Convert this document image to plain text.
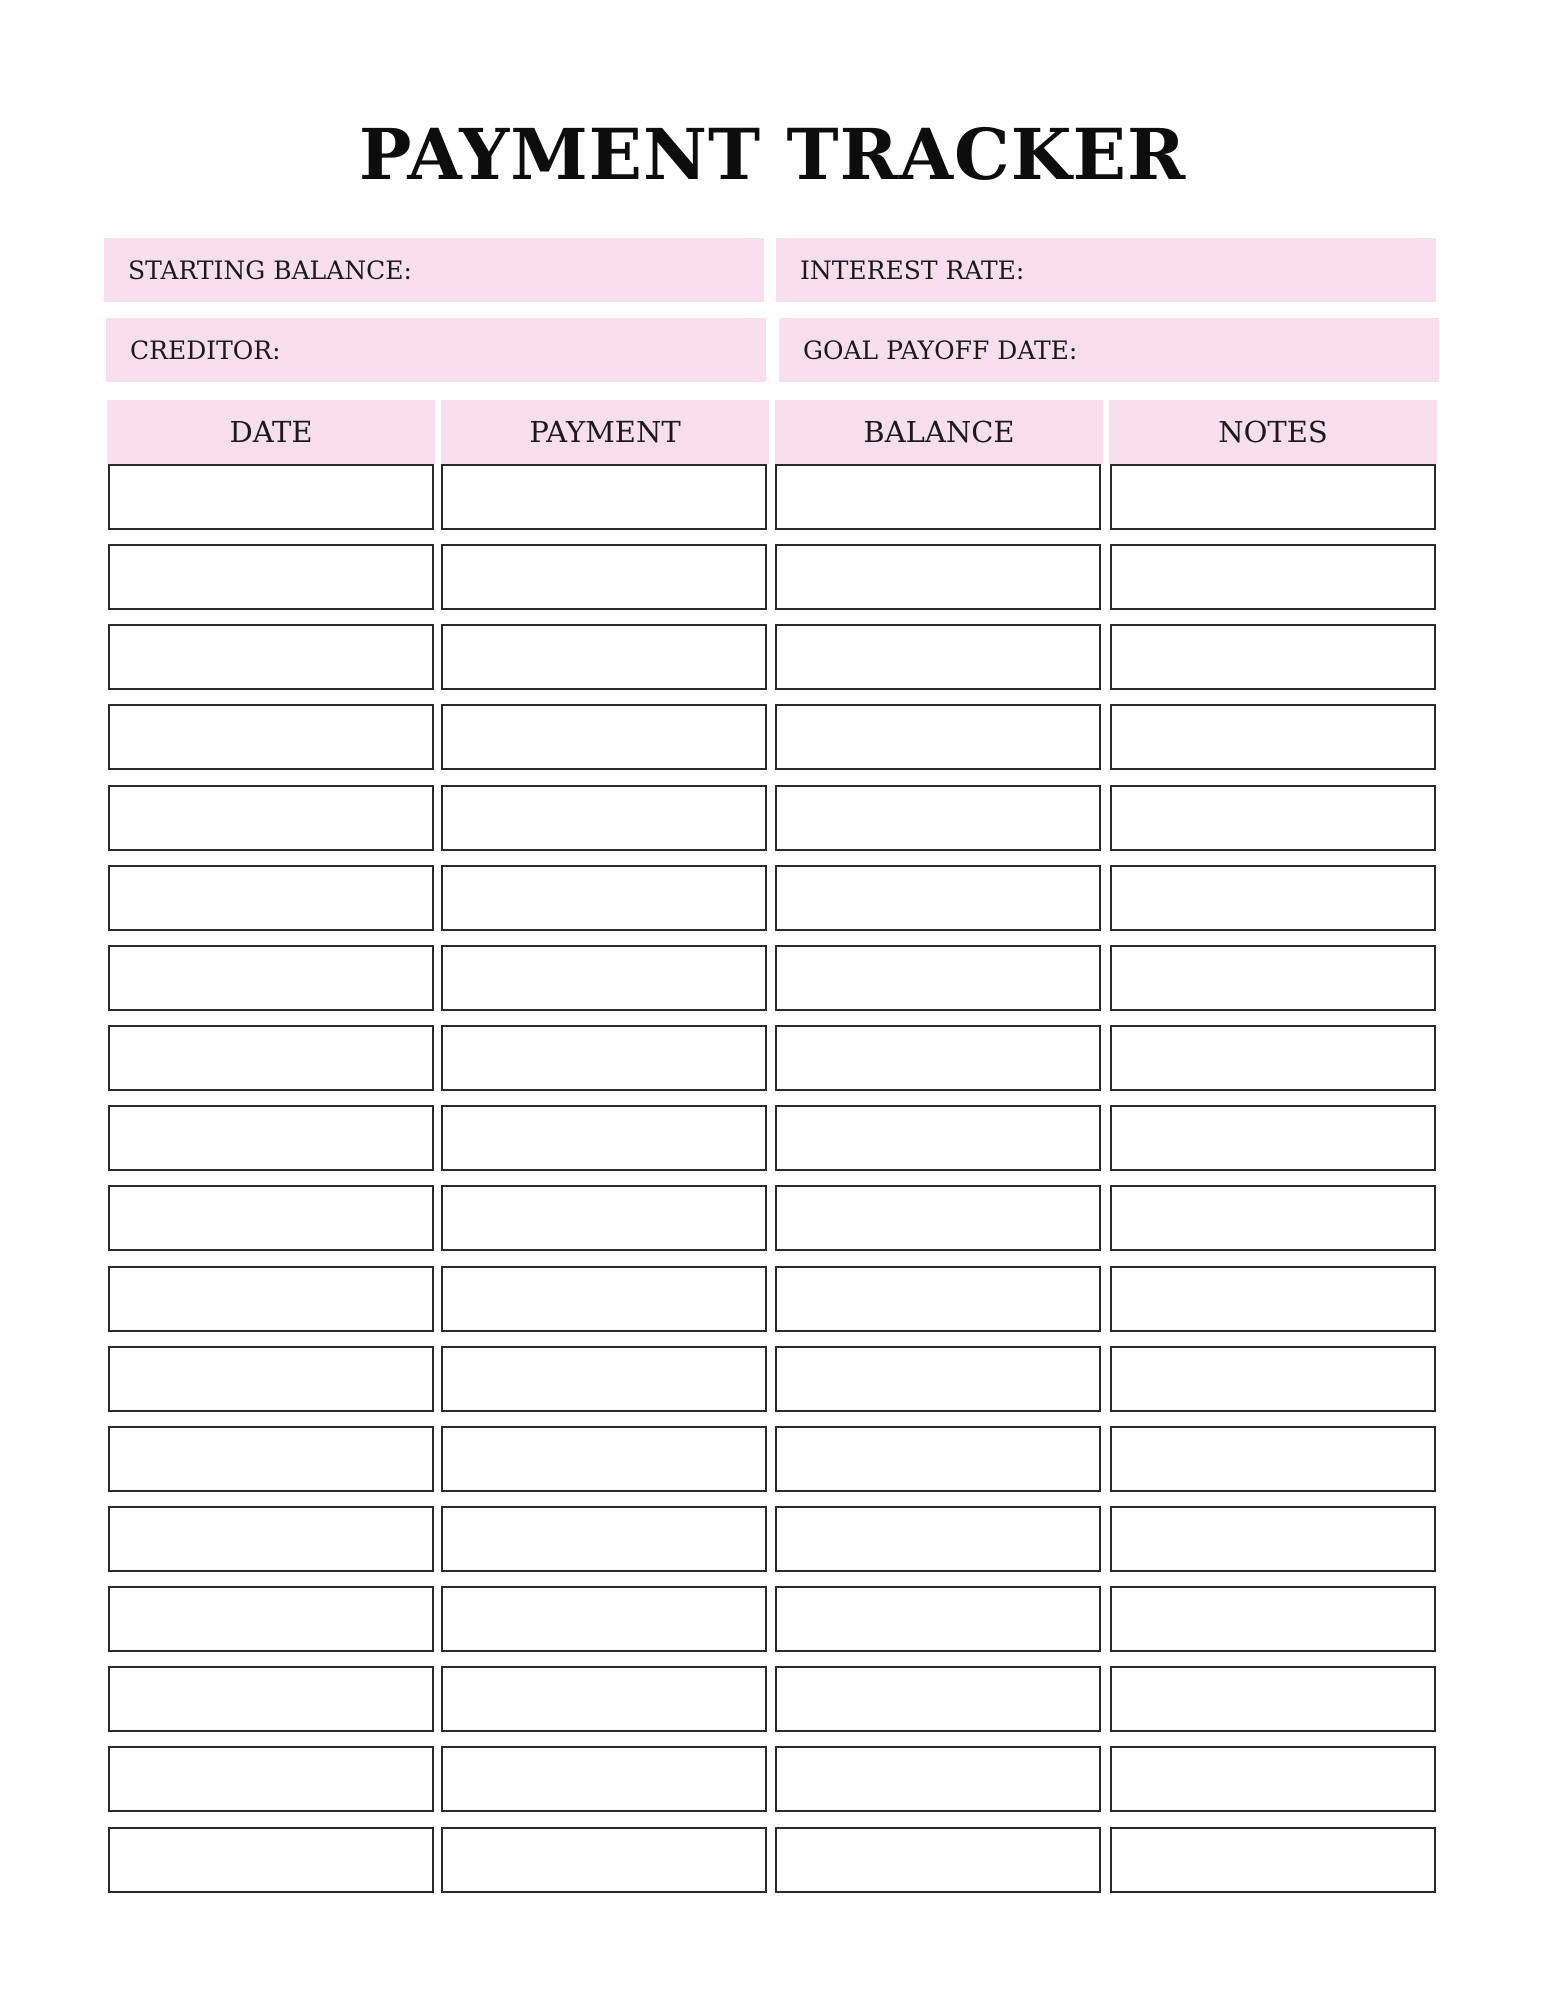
PAYMENT TRACKER
STARTING BALANCE:	INTEREST RATE:
CREDITOR:	GOAL PAYOFF DATE:
DATE	PAYMENT	BALANCE	NOTES
